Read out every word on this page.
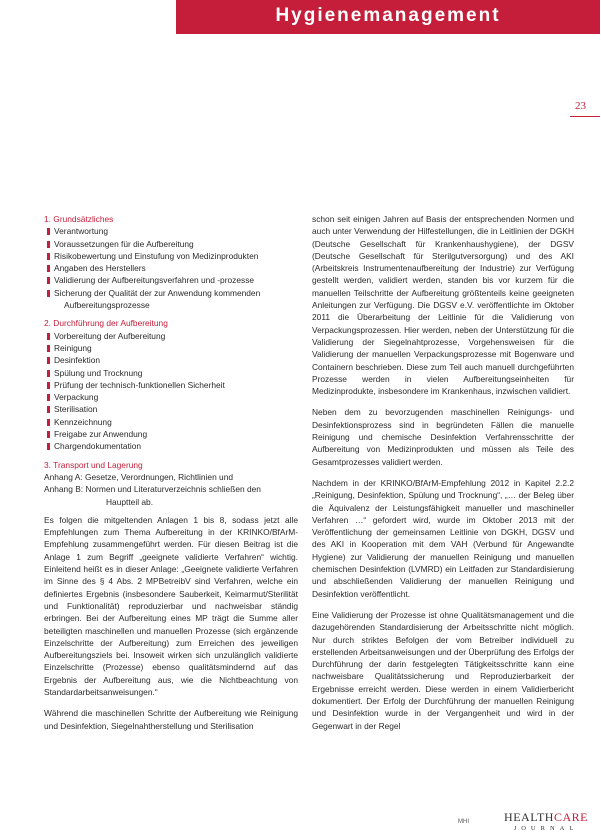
Hygienemanagement
23
1. Grundsätzliches
Verantwortung
Voraussetzungen für die Aufbereitung
Risikobewertung und Einstufung von Medizinprodukten
Angaben des Herstellers
Validierung der Aufbereitungsverfahren und -prozesse
Sicherung der Qualität der zur Anwendung kommenden
Aufbereitungsprozesse
2. Durchführung der Aufbereitung
Vorbereitung der Aufbereitung
Reinigung
Desinfektion
Spülung und Trocknung
Prüfung der technisch-funktionellen Sicherheit
Verpackung
Sterilisation
Kennzeichnung
Freigabe zur Anwendung
Chargendokumentation
3. Transport und Lagerung
Anhang A: Gesetze, Verordnungen, Richtlinien und
Anhang B: Normen und Literaturverzeichnis schließen den
Hauptteil ab.

Es folgen die mitgeltenden Anlagen 1 bis 8, sodass jetzt alle Empfehlungen zum Thema Aufbereitung in der KRINKO/BfArM-Empfehlung zusammengeführt werden. Für diesen Beitrag ist die Anlage 1 zum Begriff „geeignete validierte Verfahren“ wichtig. Einleitend heißt es in dieser Anlage: „Geeignete validierte Verfahren im Sinne des § 4 Abs. 2 MPBetreibV sind Verfahren, welche ein definiertes Ergebnis (insbesondere Sauberkeit, Keimarmut/Sterilität und Funktionalität) reproduzierbar und nachweisbar ständig erbringen. Bei der Aufbereitung eines MP trägt die Summe aller beteiligten maschinellen und manuellen Prozesse (sich ergänzende Einzelschritte der Aufbereitung) zum Erreichen des jeweiligen Aufbereitungsziels bei. Insoweit wirken sich unzulänglich validierte Einzelschritte (Prozesse) ebenso qualitätsmindernd auf das Ergebnis der Aufbereitung aus, wie die Nichtbeachtung von Standardarbeitsanweisungen.“

Während die maschinellen Schritte der Aufbereitung wie Reinigung und Desinfektion, Siegelnahtherstellung und Sterilisation

schon seit einigen Jahren auf Basis der entsprechenden Normen und auch unter Verwendung der Hilfestellungen, die in Leitlinien der DGKH (Deutsche Gesellschaft für Krankenhaushygiene), der DGSV (Deutsche Gesellschaft für Sterilgutversorgung) und des AKI (Arbeitskreis Instrumentenaufbereitung der Industrie) zur Verfügung gestellt werden, validiert werden, standen bis vor kurzem für die manuellen Teilschritte der Aufbereitung größtenteils keine geeigneten Anleitungen zur Verfügung. Die DGSV e.V. veröffentlichte im Oktober 2011 die Überarbeitung der Leitlinie für die Validierung von Verpackungsprozessen. Hier werden, neben der Unterstützung für die Validierung der Siegelnahtprozesse, Vorgehensweisen für die Validierung der manuellen Verpackungsprozesse mit Bogenware und Containern beschrieben. Diese zum Teil auch manuell durchgeführten Prozesse werden in vielen Aufbereitungseinheiten für Medizinprodukte, insbesondere im Krankenhaus, inzwischen validiert.

Neben dem zu bevorzugenden maschinellen Reinigungs- und Desinfektionsprozess sind in begründeten Fällen die manuelle Reinigung und chemische Desinfektion Verfahrensschritte der Aufbereitung von Medizinprodukten und müssen als Teile des Gesamtprozesses validiert werden.

Nachdem in der KRINKO/BfArM-Empfehlung 2012 in Kapitel 2.2.2 „Reinigung, Desinfektion, Spülung und Trocknung“, „… der Beleg über die Äquivalenz der Leistungsfähigkeit manueller und maschineller Verfahren …“ gefordert wird, wurde im Oktober 2013 mit der Veröffentlichung der gemeinsamen Leitlinie von DGKH, DGSV und des AKI in Kooperation mit dem VAH (Verbund für Angewandte Hygiene) zur Validierung der manuellen Reinigung und manuellen chemischen Desinfektion (LVMRD) ein Leitfaden zur Standardisierung und abschließenden Validierung der manuellen Reinigung und Desinfektion veröffentlicht.

Eine Validierung der Prozesse ist ohne Qualitätsmanagement und die dazugehörenden Standardisierung der Arbeitsschritte nicht möglich. Nur durch striktes Befolgen der vom Betreiber individuell zu erstellenden Arbeitsanweisungen und der Überprüfung des Erfolgs der Durchführung der darin festgelegten Tätigkeitsschritte kann eine nachweisbare Qualitätssicherung und Reproduzierbarkeit der Ergebnisse erreicht werden. Diese werden in einem Validierbericht dokumentiert. Der Erfolg der Durchführung der manuellen Reinigung und Desinfektion wurde in der Vergangenheit und wird in der Gegenwart in der Regel

MHI	HEALTHCARE
JOURNAL
